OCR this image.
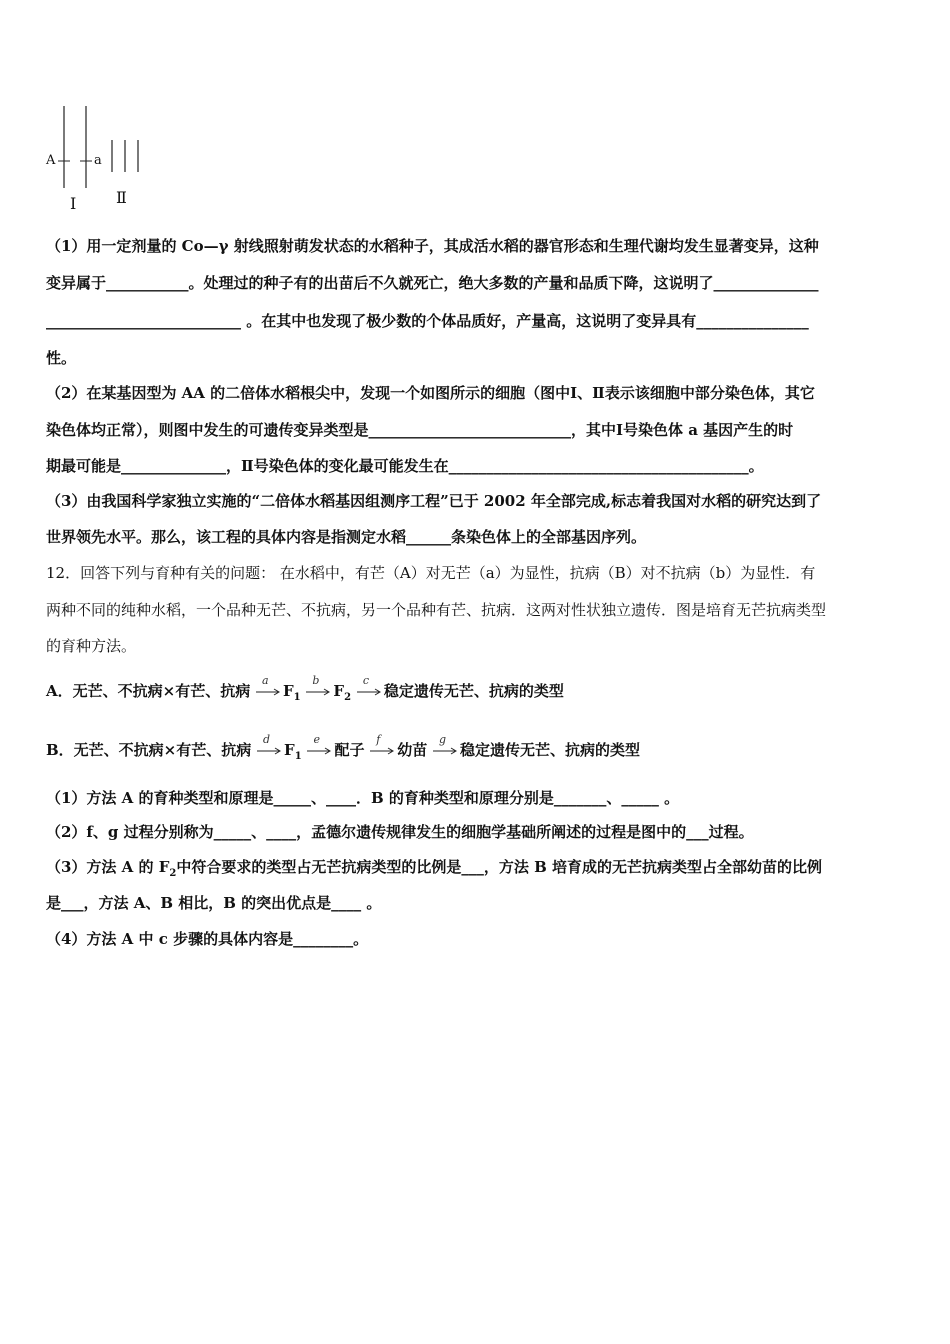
A	a
Ⅰ Ⅱ
（1）用一定剂量的 Co—γ 射线照射萌发状态的水稻种子，其成活水稻的器官形态和生理代谢均发生显著变异，这种
变异属于___________。处理过的种子有的出苗后不久就死亡，绝大多数的产量和品质下降，这说明了______________
__________________________ 。在其中也发现了极少数的个体品质好，产量高，这说明了变异具有_______________
性。
（2）在某基因型为 AA 的二倍体水稻根尖中，发现一个如图所示的细胞（图中Ⅰ、Ⅱ表示该细胞中部分染色体，其它
染色体均正常），则图中发生的可遗传变异类型是___________________________，其中Ⅰ号染色体 a 基因产生的时
期最可能是______________，Ⅱ号染色体的变化最可能发生在________________________________________。
（3）由我国科学家独立实施的“二倍体水稻基因组测序工程”已于 2002 年全部完成,标志着我国对水稻的研究达到了
世界领先水平。那么，该工程的具体内容是指测定水稻______条染色体上的全部基因序列。
12．回答下列与育种有关的问题： 在水稻中，有芒（A）对无芒（a）为显性，抗病（B）对不抗病（b）为显性．有
两种不同的纯种水稻，一个品种无芒、不抗病，另一个品种有芒、抗病．这两对性状独立遗传．图是培育无芒抗病类型
的育种方法。
A．无芒、不抗病×有芒、抗病
a
$F_1$
b
$F_2$
c
稳定遗传无芒、抗病的类型
B．无芒、不抗病×有芒、抗病
d
$F_1$
e
配子
f
幼苗
g
稳定遗传无芒、抗病的类型
（1）方法 A 的育种类型和原理是_____、____．B 的育种类型和原理分别是_______、_____ 。
（2）f、g 过程分别称为_____、____，孟德尔遗传规律发生的细胞学基础所阐述的过程是图中的___过程。
（3）方法 A 的 $F_2$中符合要求的类型占无芒抗病类型的比例是___，方法 B 培育成的无芒抗病类型占全部幼苗的比例
是___，方法 A、B 相比，B 的突出优点是____ 。
（4）方法 A 中 c 步骤的具体内容是________。
